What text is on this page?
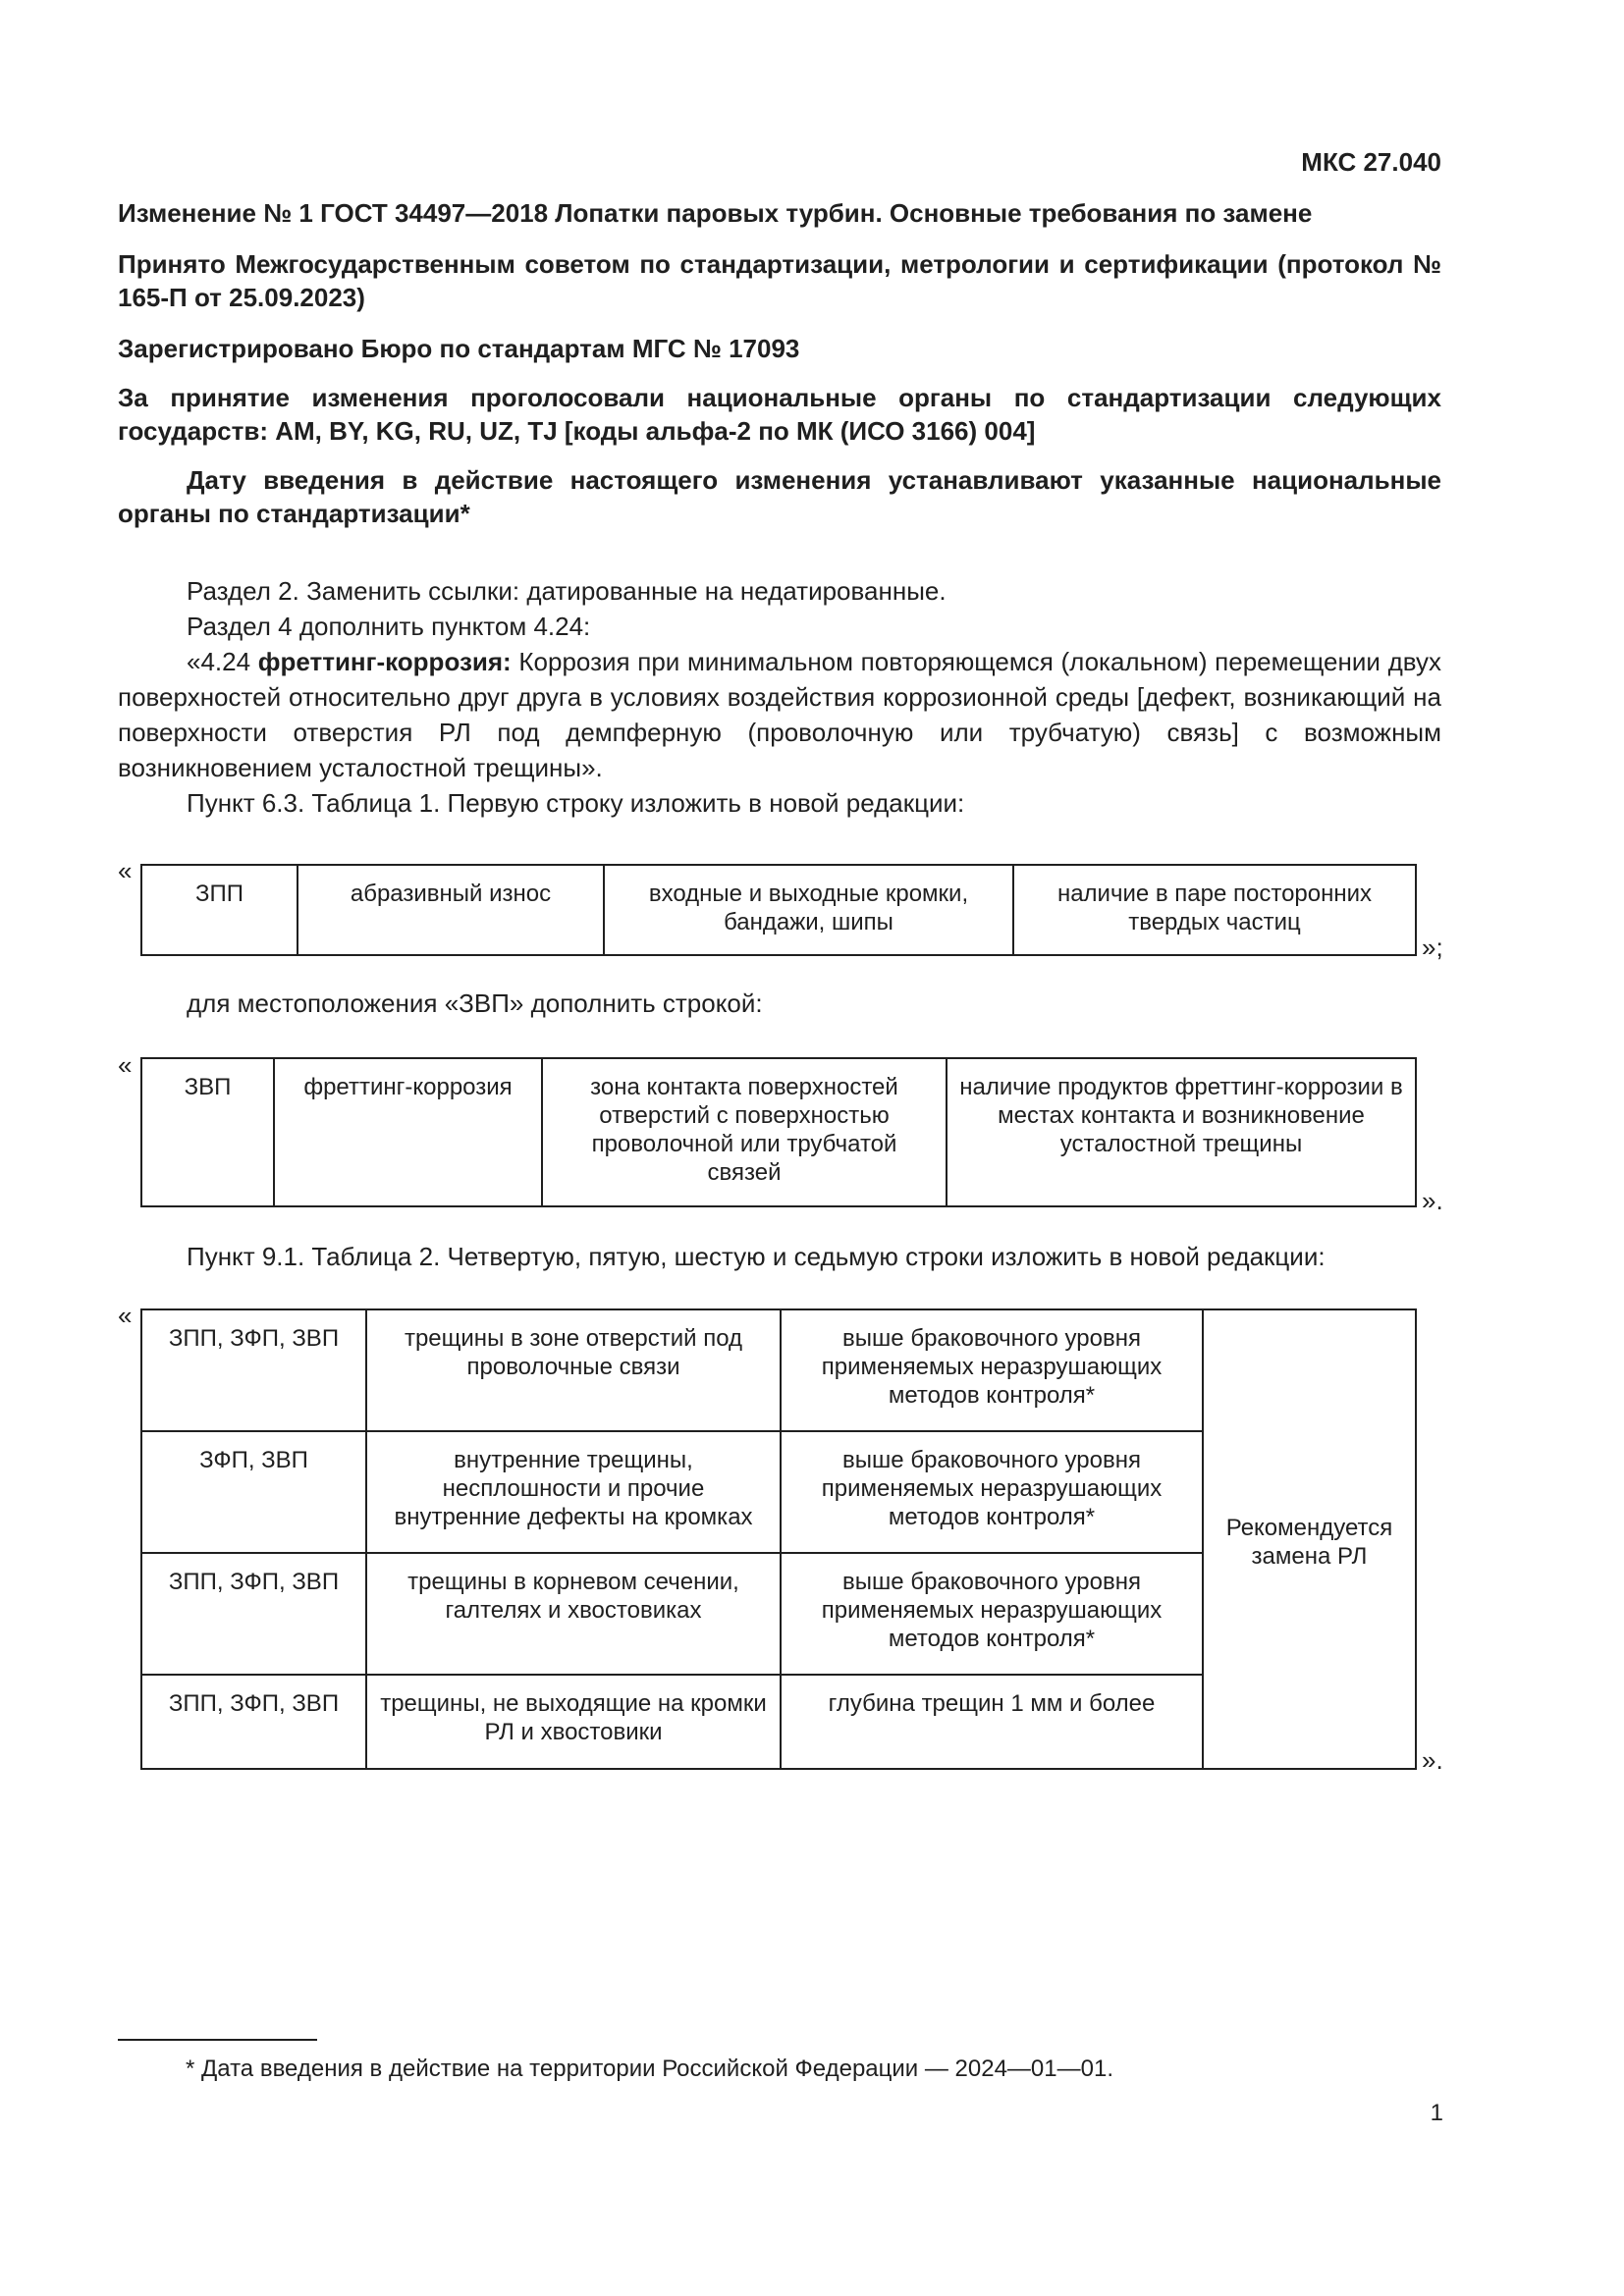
МКС 27.040
Изменение № 1 ГОСТ 34497—2018 Лопатки паровых турбин. Основные требования по замене
Принято Межгосударственным советом по стандартизации, метрологии и сертификации (протокол № 165-П от 25.09.2023)
Зарегистрировано Бюро по стандартам МГС № 17093
За принятие изменения проголосовали национальные органы по стандартизации следующих государств: AM, BY, KG, RU, UZ, TJ [коды альфа-2 по МК (ИСО 3166) 004]
Дату введения в действие настоящего изменения устанавливают указанные национальные органы по стандартизации*
Раздел 2. Заменить ссылки: датированные на недатированные.
Раздел 4 дополнить пунктом 4.24:
«4.24 фреттинг-коррозия: Коррозия при минимальном повторяющемся (локальном) перемещении двух поверхностей относительно друг друга в условиях воздействия коррозионной среды [дефект, возникающий на поверхности отверстия РЛ под демпферную (проволочную или трубчатую) связь] с возможным возникновением усталостной трещины».
Пункт 6.3. Таблица 1. Первую строку изложить в новой редакции:
«
ЗПП	абразивный износ	входные и выходные кромки, бандажи, шипы	наличие в паре посторонних твердых частиц
»;
для местоположения «ЗВП» дополнить строкой:
«
ЗВП	фреттинг-коррозия	зона контакта поверхностей отверстий с поверхностью проволочной или трубчатой связей	наличие продуктов фреттинг-коррозии в местах контакта и возникновение усталостной трещины
».
Пункт 9.1. Таблица 2. Четвертую, пятую, шестую и седьмую строки изложить в новой редакции:
«
ЗПП, ЗФП, ЗВП	трещины в зоне отверстий под проволочные связи	выше браковочного уровня применяемых неразрушающих методов контроля*	Рекомендуется замена РЛ
ЗФП, ЗВП	внутренние трещины, несплошности и прочие внутренние дефекты на кромках	выше браковочного уровня применяемых неразрушающих методов контроля*	
ЗПП, ЗФП, ЗВП	трещины в корневом сечении, галтелях и хвостовиках	выше браковочного уровня применяемых неразрушающих методов контроля*	
ЗПП, ЗФП, ЗВП	трещины, не выходящие на кромки РЛ и хвостовики	глубина трещин 1 мм и более	
».
* Дата введения в действие на территории Российской Федерации — 2024—01—01.
1
